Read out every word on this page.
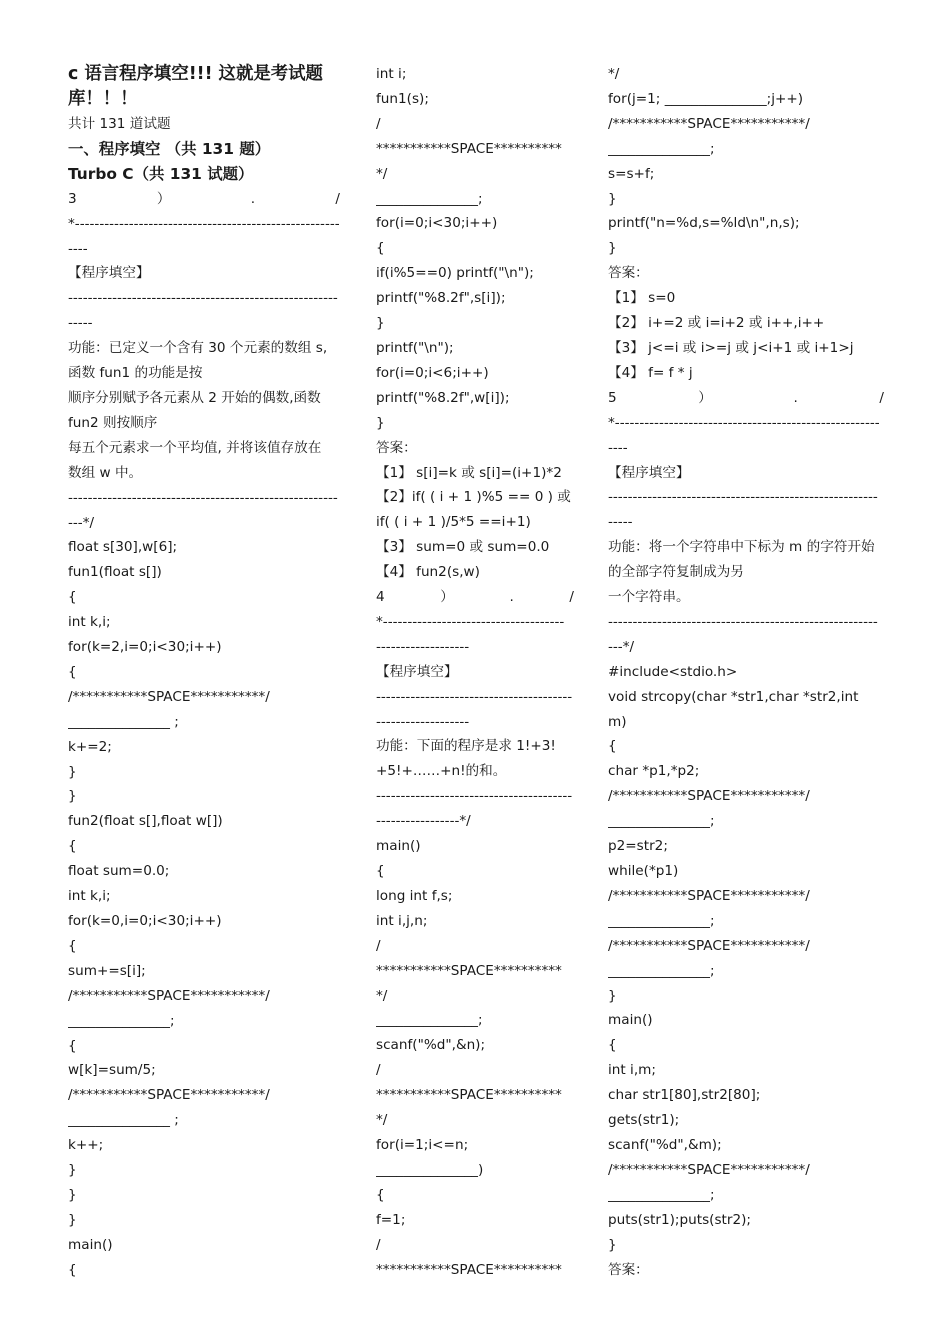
c 语言程序填空!!! 这就是考试题库！！！
共计 131 道试题
一、程序填空 （共 131 题）
Turbo C（共 131 试题）
3	）	.	/
*------------------------------------------------------
----
【程序填空】
-------------------------------------------------------
-----
功能：已定义一个含有 30 个元素的数组 s,
函数 fun1 的功能是按
顺序分别赋予各元素从 2 开始的偶数,函数
fun2 则按顺序
每五个元素求一个平均值, 并将该值存放在
数组 w 中。
-------------------------------------------------------
---*/
float s[30],w[6];
fun1(float s[])
{
int k,i;
for(k=2,i=0;i<30;i++)
{
/***********SPACE***********/
_______________ ;
k+=2;
}
}
fun2(float s[],float w[])
{
float sum=0.0;
int k,i;
for(k=0,i=0;i<30;i++)
{
sum+=s[i];
/***********SPACE***********/
_______________;
{
w[k]=sum/5;
/***********SPACE***********/
_______________ ;
k++;
}
}
}
main()
{
int i;
fun1(s);
/
***********SPACE**********
*/
_______________;
for(i=0;i<30;i++)
{
if(i%5==0) printf("\n");
printf("%8.2f",s[i]);
}
printf("\n");
for(i=0;i<6;i++)
printf("%8.2f",w[i]);
}
答案：
【1】 s[i]=k 或 s[i]=(i+1)*2
【2】if( ( i + 1 )%5 == 0 ) 或
if( ( i + 1 )/5*5 ==i+1)
【3】 sum=0 或 sum=0.0
【4】 fun2(s,w)
4	）	.	/
*-------------------------------------
-------------------
【程序填空】
----------------------------------------
-------------------
功能：下面的程序是求 1!+3!
+5!+……+n!的和。
----------------------------------------
-----------------*/
main()
{
long int f,s;
int i,j,n;
/
***********SPACE**********
*/
_______________;
scanf("%d",&n);
/
***********SPACE**********
*/
for(i=1;i<=n;
_______________)
{
f=1;
/
***********SPACE**********
*/
for(j=1; _______________;j++)
/***********SPACE***********/
_______________;
s=s+f;
}
printf("n=%d,s=%ld\n",n,s);
}
答案：
【1】 s=0
【2】 i+=2 或 i=i+2 或 i++,i++
【3】 j<=i 或 i>=j 或 j<i+1 或 i+1>j
【4】 f= f * j
5	）	.	/
*------------------------------------------------------
----
【程序填空】
-------------------------------------------------------
-----
功能：将一个字符串中下标为 m 的字符开始
的全部字符复制成为另
一个字符串。
-------------------------------------------------------
---*/
#include<stdio.h>
void strcopy(char *str1,char *str2,int
m)
{
char *p1,*p2;
/***********SPACE***********/
_______________;
p2=str2;
while(*p1)
/***********SPACE***********/
_______________;
/***********SPACE***********/
_______________;
}
main()
{
int i,m;
char str1[80],str2[80];
gets(str1);
scanf("%d",&m);
/***********SPACE***********/
_______________;
puts(str1);puts(str2);
}
答案：
